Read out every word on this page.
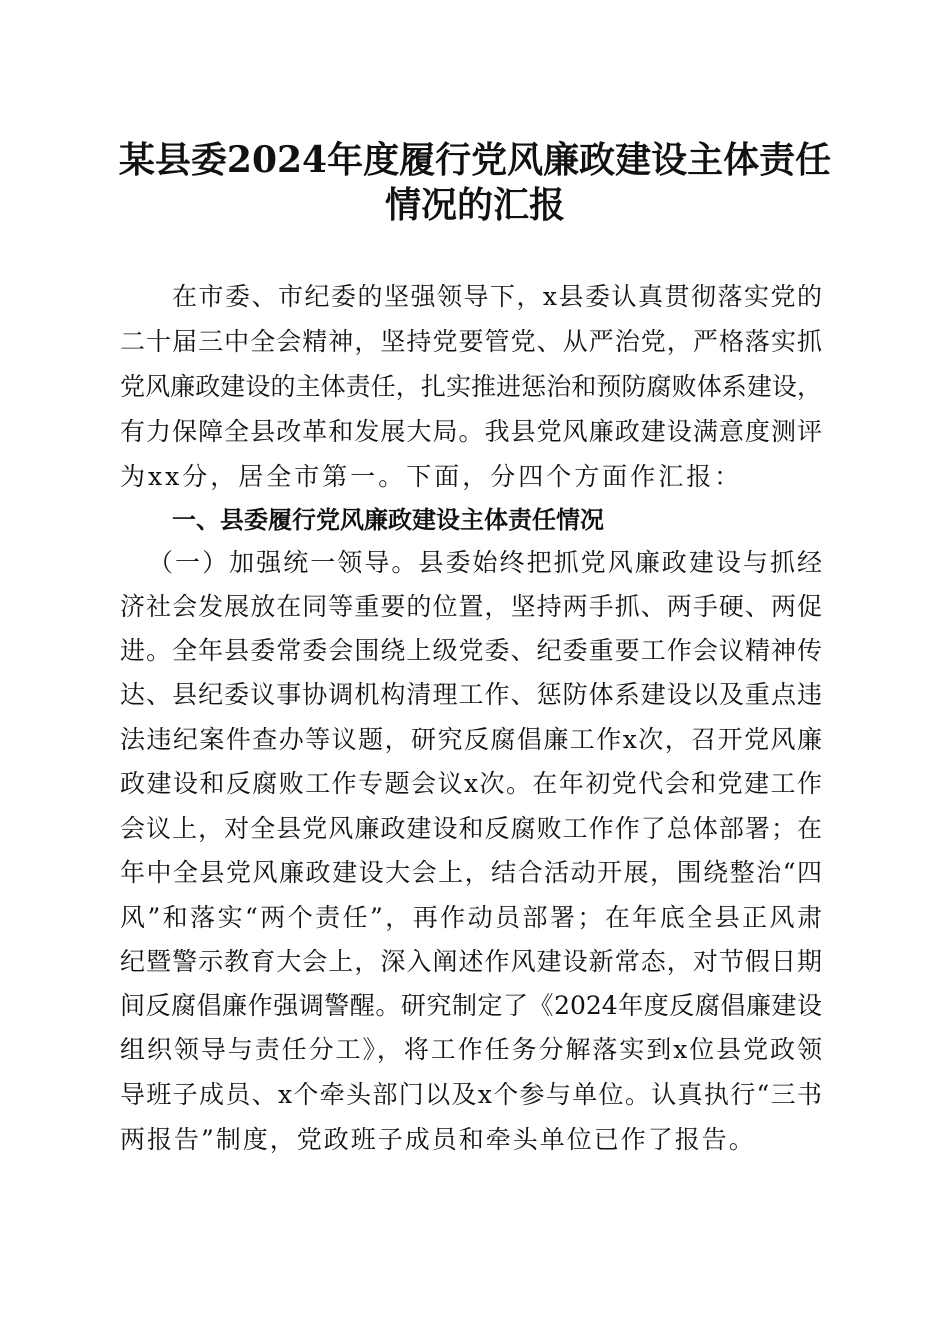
某县委2024年度履行党风廉政建设主体责任
情况的汇报
在市委、市纪委的坚强领导下，x县委认真贯彻落实党的
二十届三中全会精神，坚持党要管党、从严治党，严格落实抓
党风廉政建设的主体责任，扎实推进惩治和预防腐败体系建设，
有力保障全县改革和发展大局。我县党风廉政建设满意度测评
为xx分，居全市第一。下面，分四个方面作汇报：
一、县委履行党风廉政建设主体责任情况
（一）加强统一领导。县委始终把抓党风廉政建设与抓经
济社会发展放在同等重要的位置，坚持两手抓、两手硬、两促
进。全年县委常委会围绕上级党委、纪委重要工作会议精神传
达、县纪委议事协调机构清理工作、惩防体系建设以及重点违
法违纪案件查办等议题，研究反腐倡廉工作x次，召开党风廉
政建设和反腐败工作专题会议x次。在年初党代会和党建工作
会议上，对全县党风廉政建设和反腐败工作作了总体部署；在
年中全县党风廉政建设大会上，结合活动开展，围绕整治“四
风”和落实“两个责任”，再作动员部署；在年底全县正风肃
纪暨警示教育大会上，深入阐述作风建设新常态，对节假日期
间反腐倡廉作强调警醒。研究制定了《2024年度反腐倡廉建设
组织领导与责任分工》，将工作任务分解落实到x位县党政领
导班子成员、x个牵头部门以及x个参与单位。认真执行“三书
两报告”制度，党政班子成员和牵头单位已作了报告。
